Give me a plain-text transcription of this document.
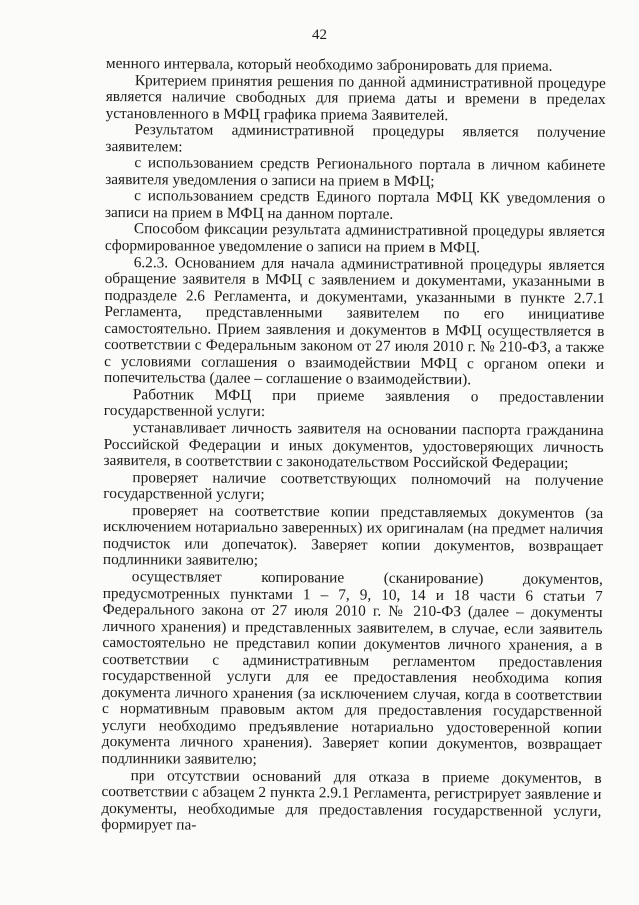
42

менного интервала, который необходимо забронировать для приема.

Критерием принятия решения по данной административной процедуре является наличие свободных для приема даты и времени в пределах установленного в МФЦ графика приема Заявителей.

Результатом административной процедуры является получение заявителем:

с использованием средств Регионального портала в личном кабинете заявителя уведомления о записи на прием в МФЦ;

с использованием средств Единого портала МФЦ КК уведомления о записи на прием в МФЦ на данном портале.

Способом фиксации результата административной процедуры является сформированное уведомление о записи на прием в МФЦ.

6.2.3. Основанием для начала административной процедуры является обращение заявителя в МФЦ с заявлением и документами, указанными в подразделе 2.6 Регламента, и документами, указанными в пункте 2.7.1 Регламента, представленными заявителем по его инициативе самостоятельно. Прием заявления и документов в МФЦ осуществляется в соответствии с Федеральным законом от 27 июля 2010 г. № 210-ФЗ, а также с условиями соглашения о взаимодействии МФЦ с органом опеки и попечительства (далее – соглашение о взаимодействии).

Работник МФЦ при приеме заявления о предоставлении государственной услуги:

устанавливает личность заявителя на основании паспорта гражданина Российской Федерации и иных документов, удостоверяющих личность заявителя, в соответствии с законодательством Российской Федерации;

проверяет наличие соответствующих полномочий на получение государственной услуги;

проверяет на соответствие копии представляемых документов (за исключением нотариально заверенных) их оригиналам (на предмет наличия подчисток или допечаток). Заверяет копии документов, возвращает подлинники заявителю;

осуществляет копирование (сканирование) документов, предусмотренных пунктами 1 – 7, 9, 10, 14 и 18 части 6 статьи 7 Федерального закона от 27 июля 2010 г. № 210-ФЗ (далее – документы личного хранения) и представленных заявителем, в случае, если заявитель самостоятельно не представил копии документов личного хранения, а в соответствии с административным регламентом предоставления государственной услуги для ее предоставления необходима копия документа личного хранения (за исключением случая, когда в соответствии с нормативным правовым актом для предоставления государственной услуги необходимо предъявление нотариально удостоверенной копии документа личного хранения). Заверяет копии документов, возвращает подлинники заявителю;

при отсутствии оснований для отказа в приеме документов, в соответствии с абзацем 2 пункта 2.9.1 Регламента, регистрирует заявление и документы, необходимые для предоставления государственной услуги, формирует па-
